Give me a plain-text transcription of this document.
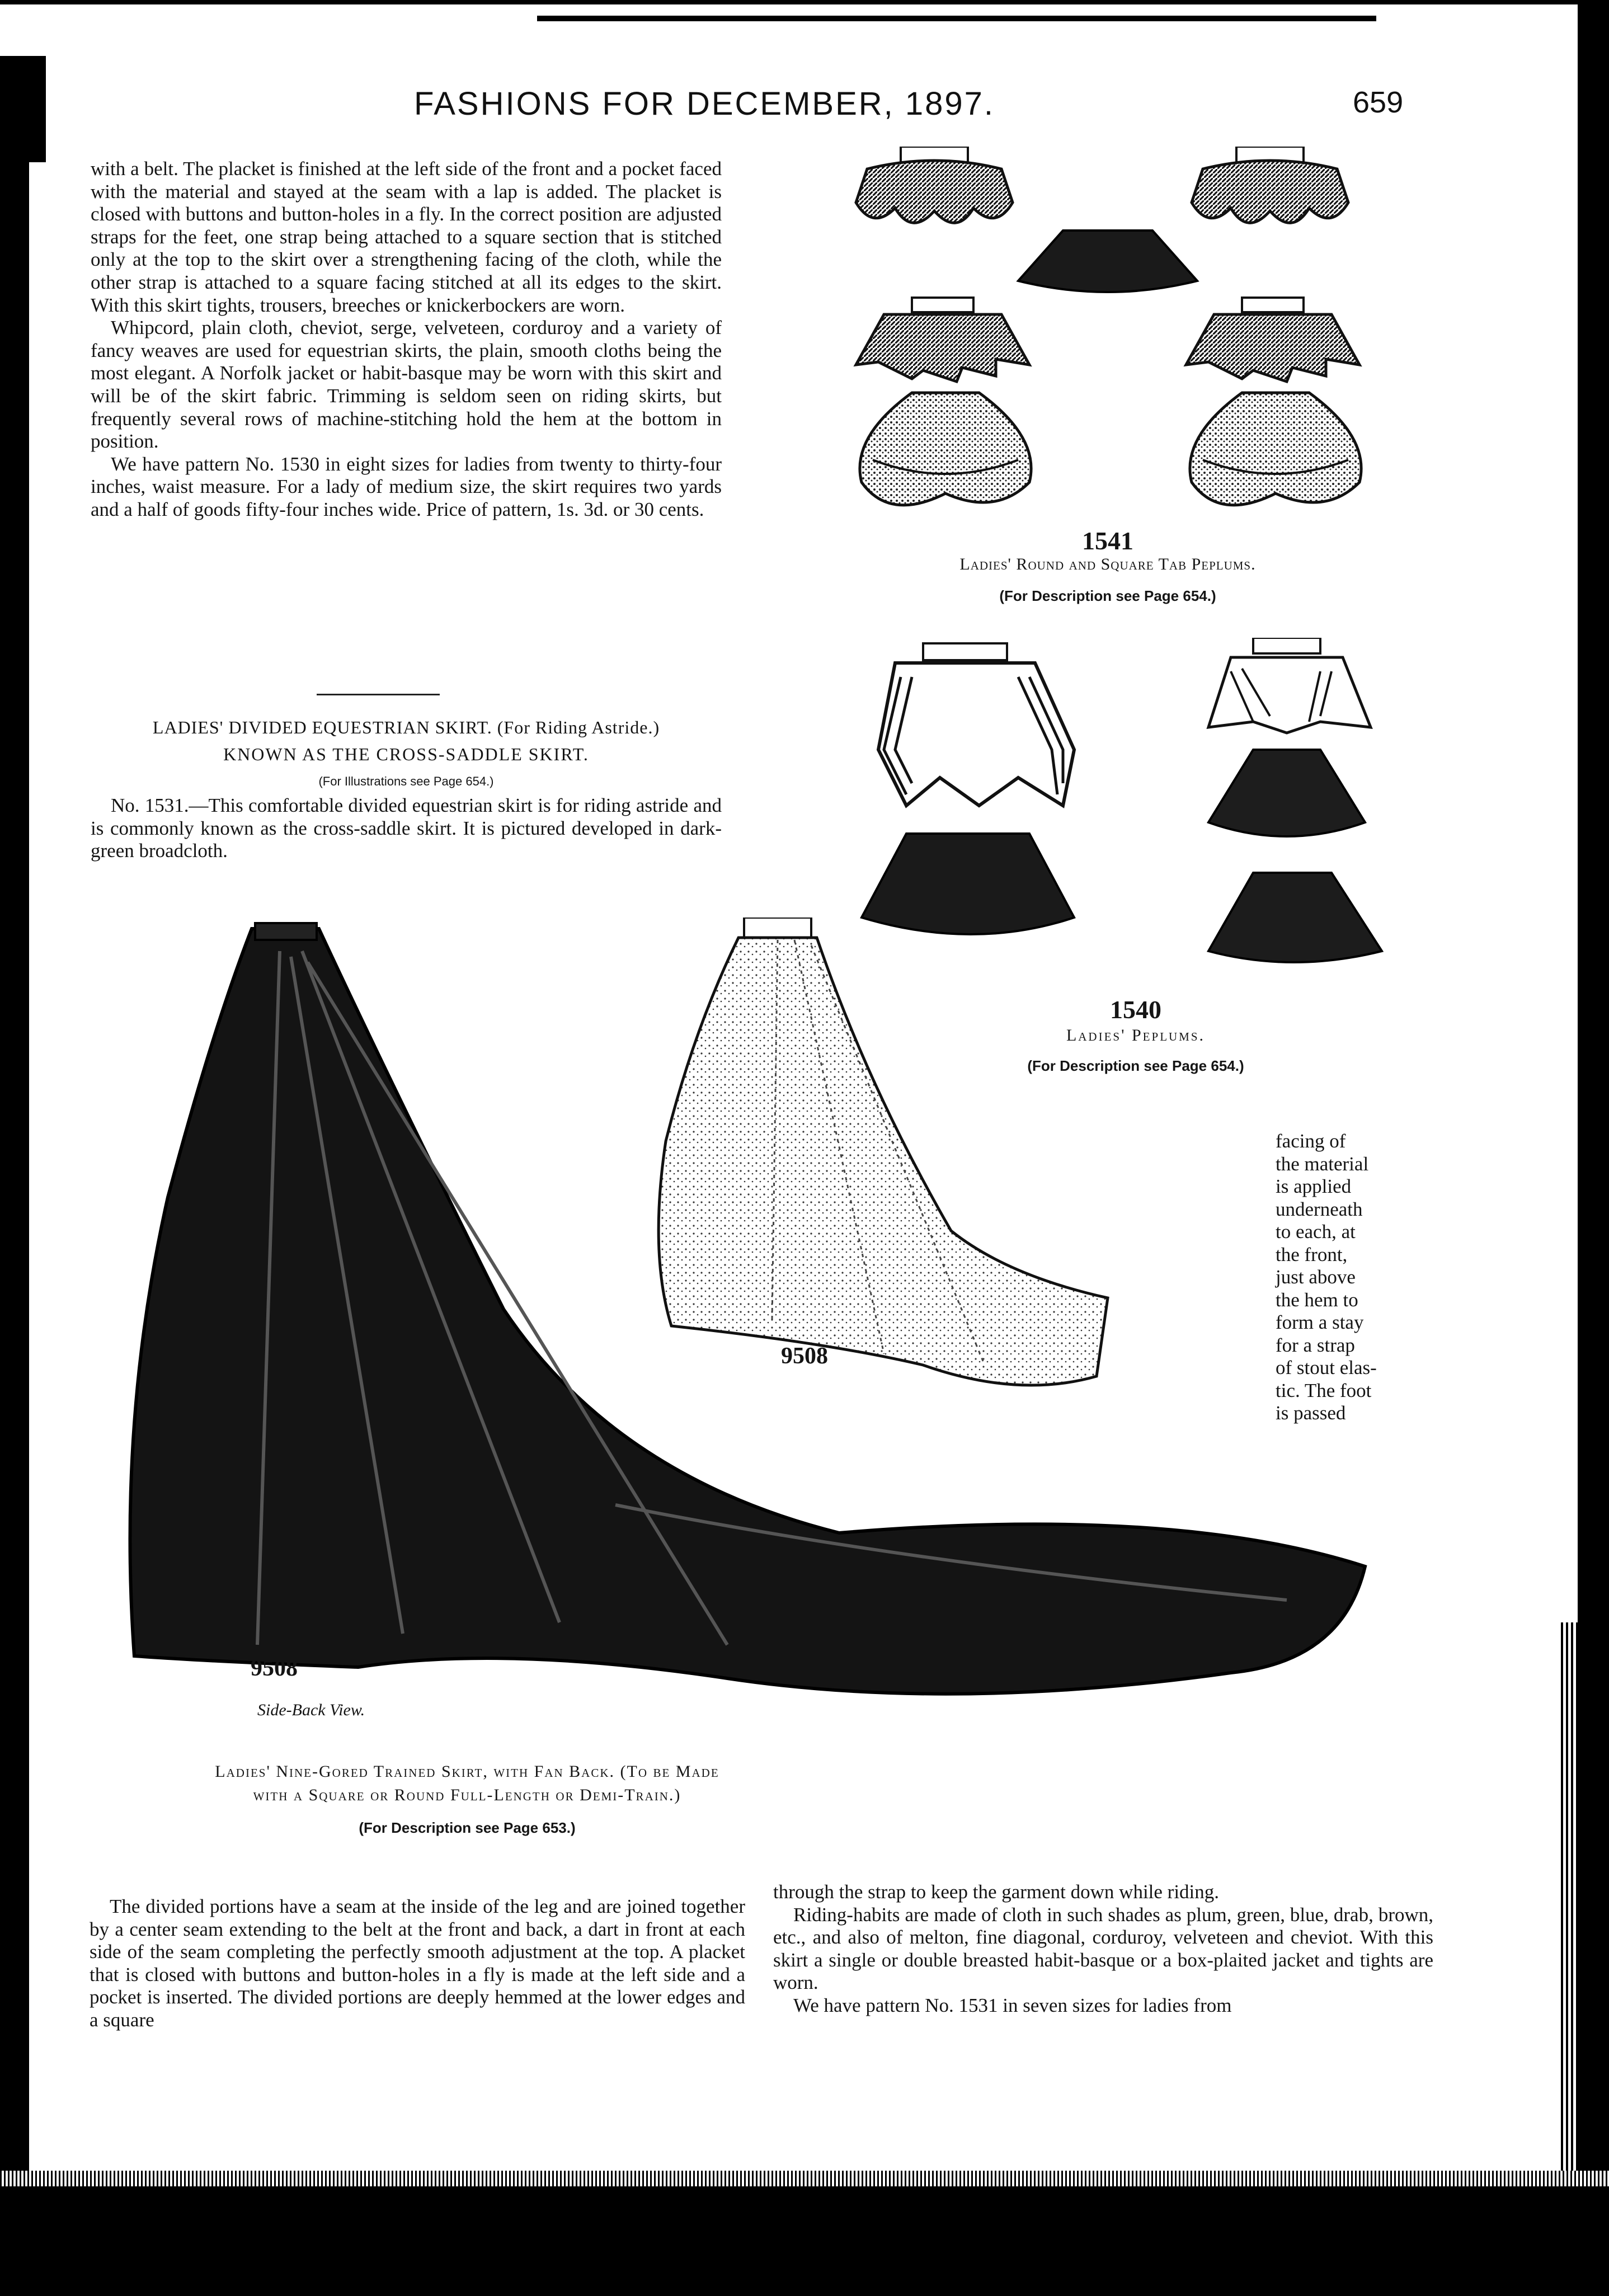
FASHIONS FOR DECEMBER, 1897.	659

with a belt. The placket is finished at the left side of the front and a pocket faced with the material and stayed at the seam with a lap is added. The placket is closed with buttons and button-holes in a fly. In the correct position are adjusted straps for the feet, one strap being attached to a square section that is stitched only at the top to the skirt over a strengthening facing of the cloth, while the other strap is attached to a square facing stitched at all its edges to the skirt. With this skirt tights, trousers, breeches or knickerbockers are worn.

Whipcord, plain cloth, cheviot, serge, velveteen, corduroy and a variety of fancy weaves are used for equestrian skirts, the plain, smooth cloths being the most elegant. A Norfolk jacket or habit-basque may be worn with this skirt and will be of the skirt fabric. Trimming is seldom seen on riding skirts, but frequently several rows of machine-stitching hold the hem at the bottom in position.

We have pattern No. 1530 in eight sizes for ladies from twenty to thirty-four inches, waist measure. For a lady of medium size, the skirt requires two yards and a half of goods fifty-four inches wide. Price of pattern, 1s. 3d. or 30 cents.

LADIES' DIVIDED EQUESTRIAN SKIRT. (For Riding Astride.)
KNOWN AS THE CROSS-SADDLE SKIRT.
(For Illustrations see Page 654.)

No. 1531.—This comfortable divided equestrian skirt is for riding astride and is commonly known as the cross-saddle skirt. It is pictured developed in dark-green broadcloth.

1541
Ladies' Round and Square Tab Peplums.
(For Description see Page 654.)
1540
Ladies' Peplums.
(For Description see Page 654.)
9508
9508
Side-Back View.
facing of
the material
is applied
underneath
to each, at
the front,
just above
the hem to
form a stay
for a strap
of stout elas-
tic. The foot
is passed
Ladies' Nine-Gored Trained Skirt, with Fan Back. (To be Made
with a Square or Round Full-Length or Demi-Train.)
(For Description see Page 653.)

The divided portions have a seam at the inside of the leg and are joined together by a center seam extending to the belt at the front and back, a dart in front at each side of the seam completing the perfectly smooth adjustment at the top. A placket that is closed with buttons and button-holes in a fly is made at the left side and a pocket is inserted. The divided portions are deeply hemmed at the lower edges and a square

through the strap to keep the garment down while riding.

Riding-habits are made of cloth in such shades as plum, green, blue, drab, brown, etc., and also of melton, fine diagonal, corduroy, velveteen and cheviot. With this skirt a single or double breasted habit-basque or a box-plaited jacket and tights are worn.

We have pattern No. 1531 in seven sizes for ladies from
